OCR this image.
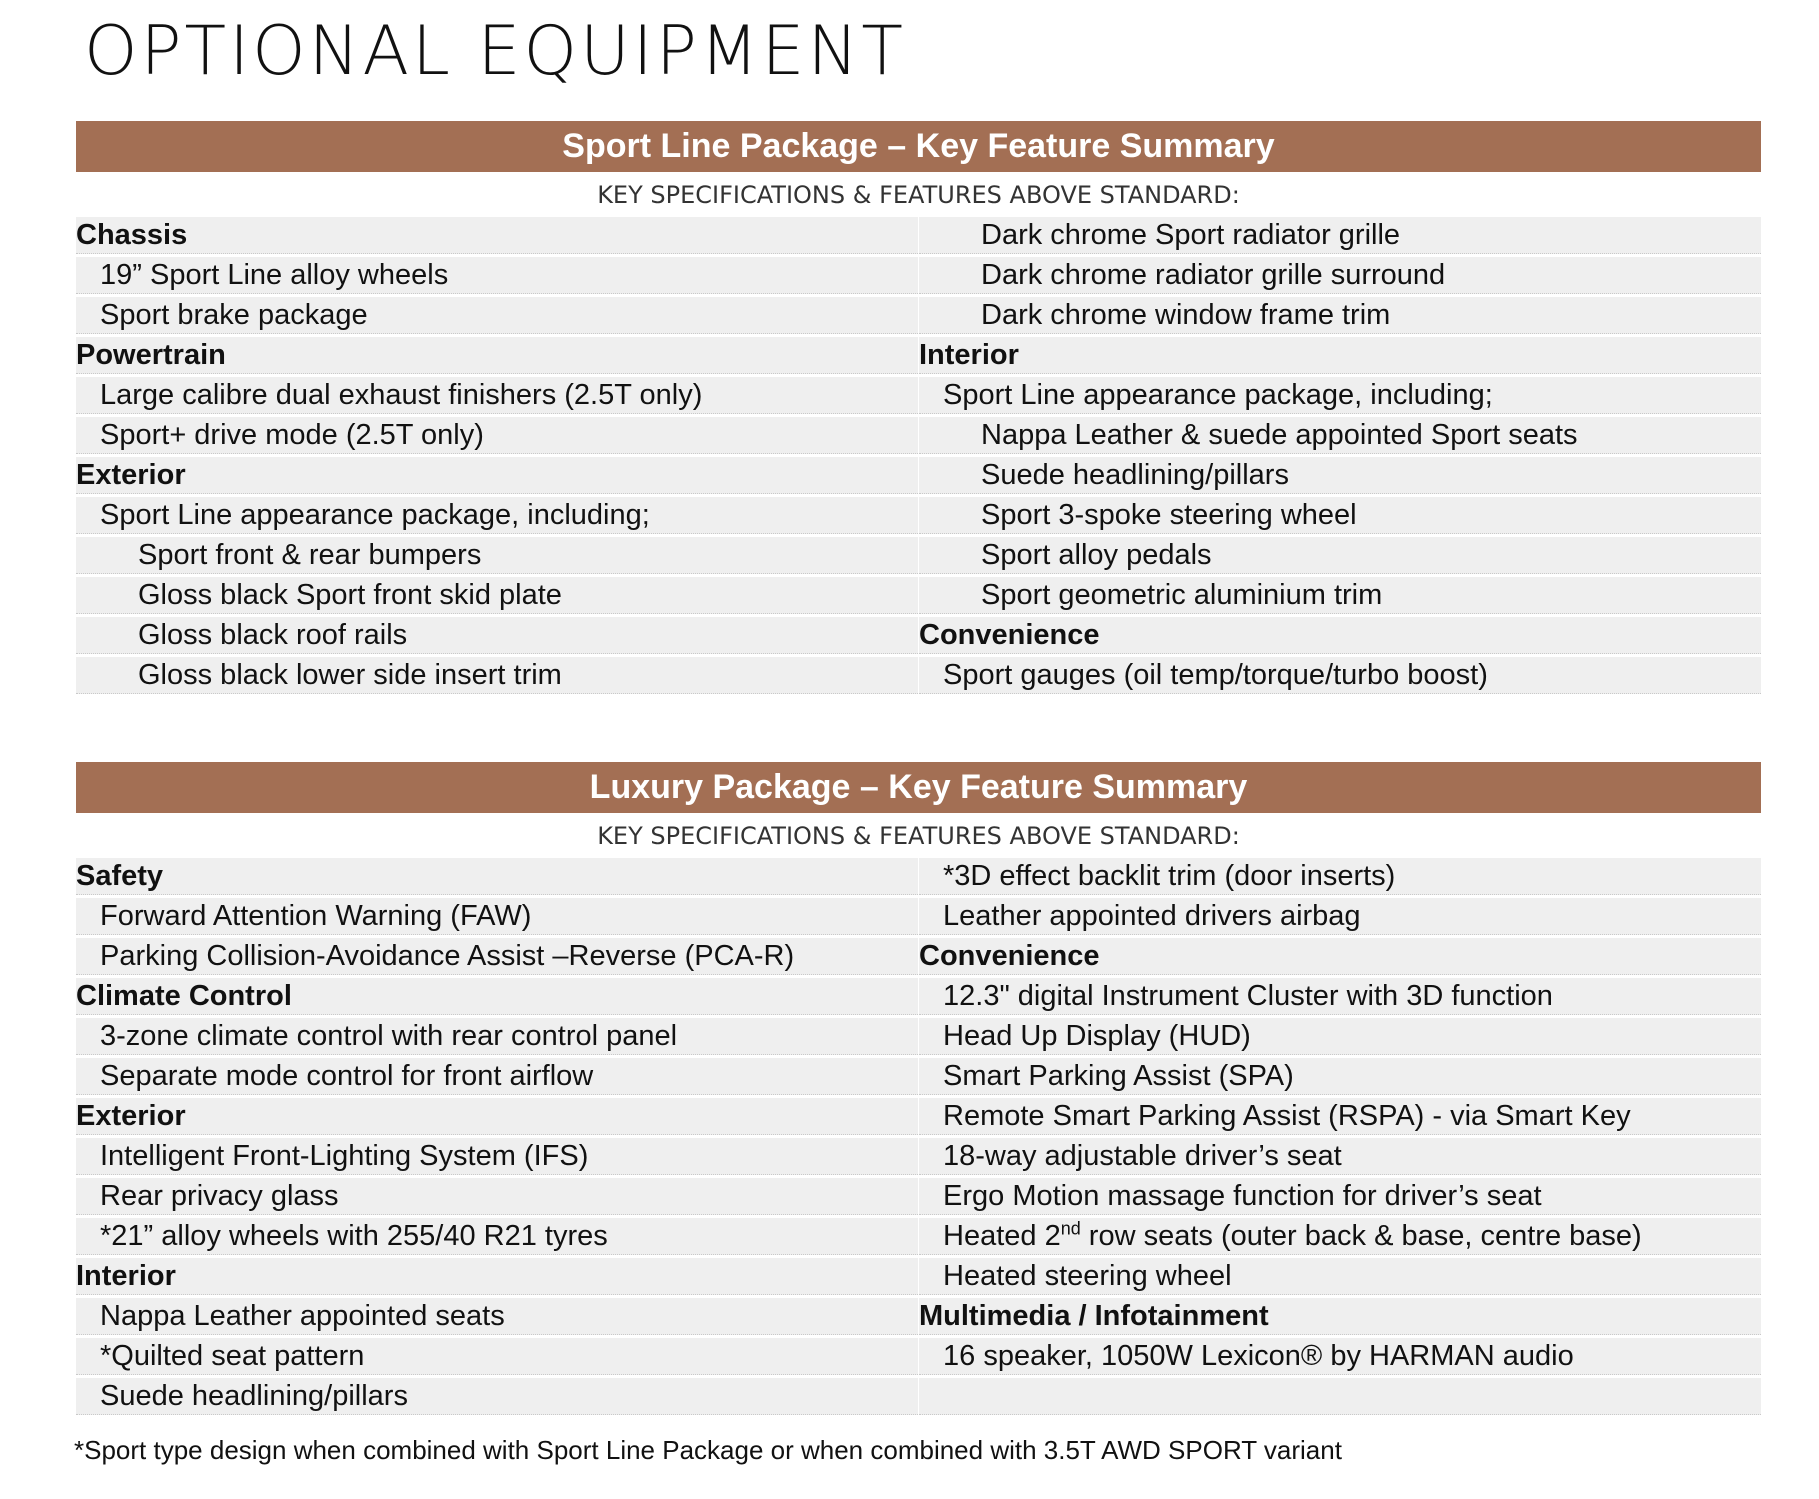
OPTIONAL EQUIPMENT
Sport Line Package – Key Feature Summary
KEY SPECIFICATIONS & FEATURES ABOVE STANDARD:
Chassis
19” Sport Line alloy wheels
Sport brake package
Powertrain
Large calibre dual exhaust finishers (2.5T only)
Sport+ drive mode (2.5T only)
Exterior
Sport Line appearance package, including;
Sport front & rear bumpers
Gloss black Sport front skid plate
Gloss black roof rails
Gloss black lower side insert trim
Dark chrome Sport radiator grille
Dark chrome radiator grille surround
Dark chrome window frame trim
Interior
Sport Line appearance package, including;
Nappa Leather & suede appointed Sport seats
Suede headlining/pillars
Sport 3-spoke steering wheel
Sport alloy pedals
Sport geometric aluminium trim
Convenience
Sport gauges (oil temp/torque/turbo boost)
Luxury Package – Key Feature Summary
KEY SPECIFICATIONS & FEATURES ABOVE STANDARD:
Safety
Forward Attention Warning (FAW)
Parking Collision-Avoidance Assist –Reverse (PCA-R)
Climate Control
3-zone climate control with rear control panel
Separate mode control for front airflow
Exterior
Intelligent Front-Lighting System (IFS)
Rear privacy glass
*21” alloy wheels with 255/40 R21 tyres
Interior
Nappa Leather appointed seats
*Quilted seat pattern
Suede headlining/pillars
*3D effect backlit trim (door inserts)
Leather appointed drivers airbag
Convenience
12.3" digital Instrument Cluster with 3D function
Head Up Display (HUD)
Smart Parking Assist (SPA)
Remote Smart Parking Assist (RSPA) - via Smart Key
18-way adjustable driver’s seat
Ergo Motion massage function for driver’s seat
Heated 2nd row seats (outer back & base, centre base)
Heated steering wheel
Multimedia / Infotainment
16 speaker, 1050W Lexicon® by HARMAN audio
*Sport type design when combined with Sport Line Package or when combined with 3.5T AWD SPORT variant
